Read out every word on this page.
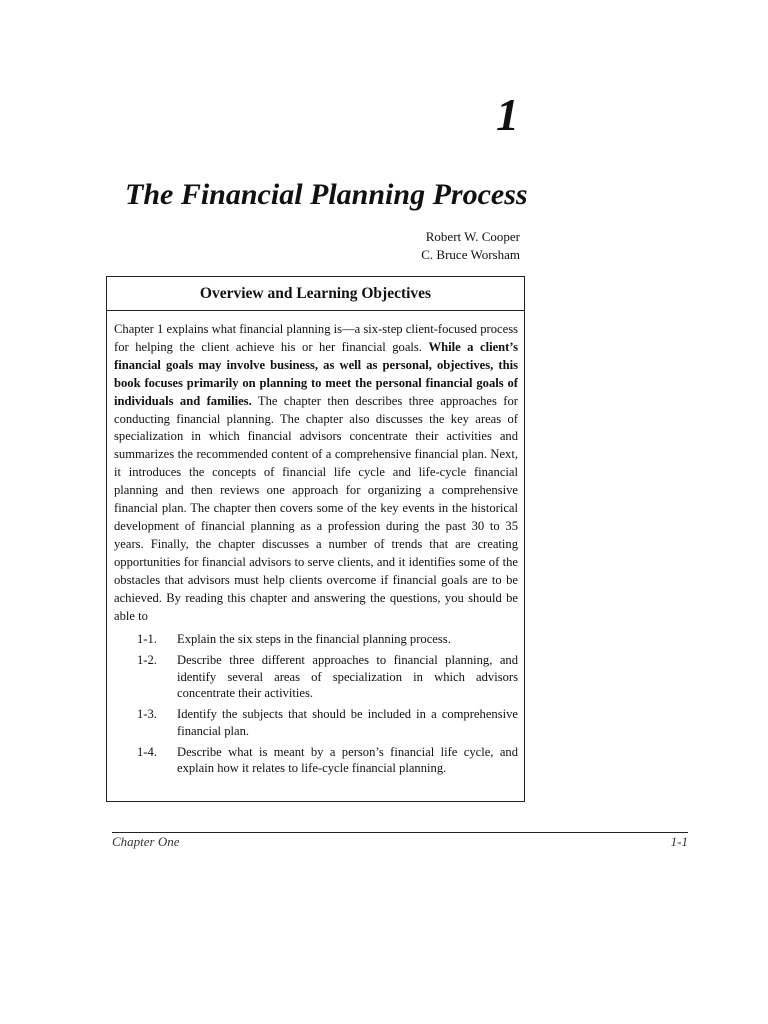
1
The Financial Planning Process
Robert W. Cooper
C. Bruce Worsham
Overview and Learning Objectives

Chapter 1 explains what financial planning is—a six-step client-focused process for helping the client achieve his or her financial goals. While a client’s financial goals may involve business, as well as personal, objectives, this book focuses primarily on planning to meet the personal financial goals of individuals and families. The chapter then describes three approaches for conducting financial planning. The chapter also discusses the key areas of specialization in which financial advisors concentrate their activities and summarizes the recommended content of a comprehensive financial plan. Next, it introduces the concepts of financial life cycle and life-cycle financial planning and then reviews one approach for organizing a comprehensive financial plan. The chapter then covers some of the key events in the historical development of financial planning as a profession during the past 30 to 35 years. Finally, the chapter discusses a number of trends that are creating opportunities for financial advisors to serve clients, and it identifies some of the obstacles that advisors must help clients overcome if financial goals are to be achieved. By reading this chapter and answering the questions, you should be able to

1-1.	Explain the six steps in the financial planning process.
1-2.	Describe three different approaches to financial planning, and identify several areas of specialization in which advisors concentrate their activities.
1-3.	Identify the subjects that should be included in a comprehensive financial plan.
1-4.	Describe what is meant by a person’s financial life cycle, and explain how it relates to life-cycle financial planning.
Chapter One	1-1
